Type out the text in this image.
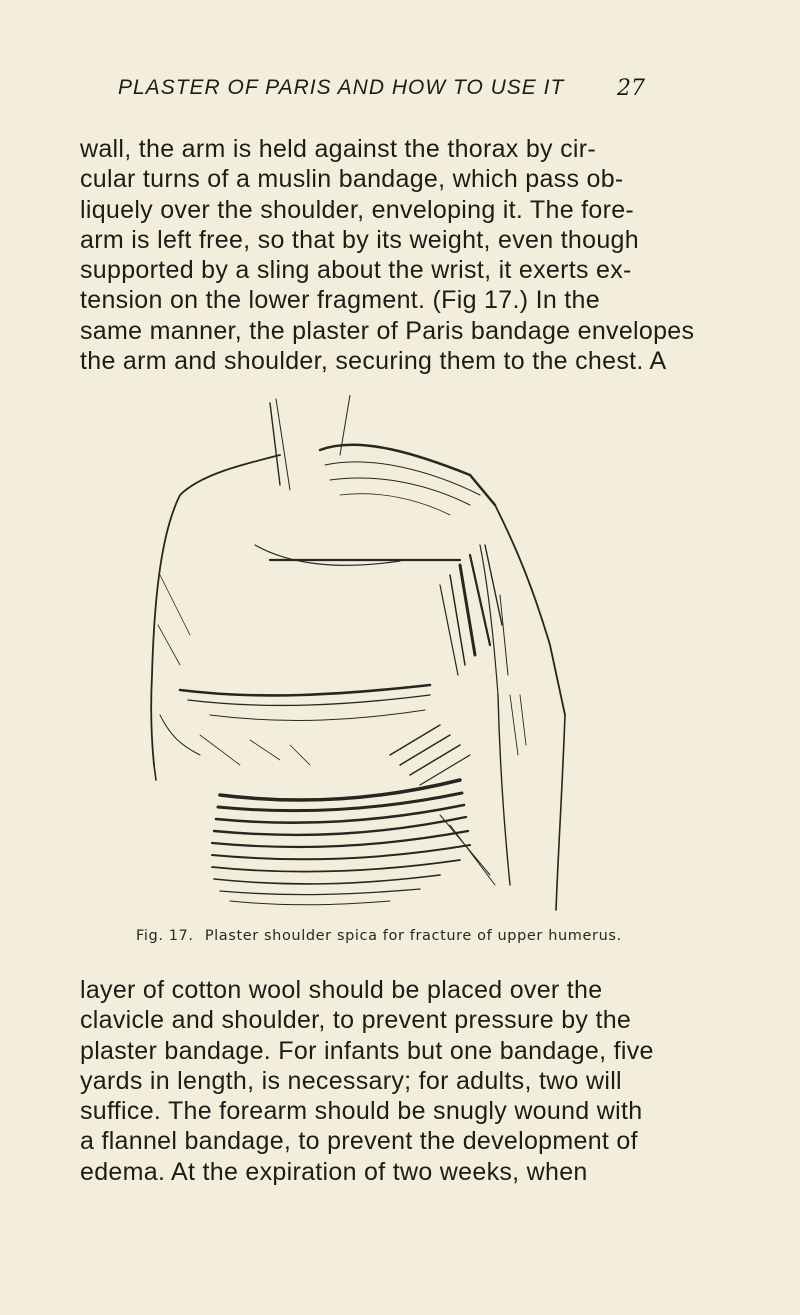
PLASTER OF PARIS AND HOW TO USE IT	27
wall, the arm is held against the thorax by cir-
cular turns of a muslin bandage, which pass ob-
liquely over the shoulder, enveloping it. The fore-
arm is left free, so that by its weight, even though
supported by a sling about the wrist, it exerts ex-
tension on the lower fragment. (Fig 17.) In the
same manner, the plaster of Paris bandage envelopes
the arm and shoulder, securing them to the chest. A
Fig. 17. Plaster shoulder spica for fracture of upper humerus.
layer of cotton wool should be placed over the
clavicle and shoulder, to prevent pressure by the
plaster bandage. For infants but one bandage, five
yards in length, is necessary; for adults, two will
suffice. The forearm should be snugly wound with
a flannel bandage, to prevent the development of
edema. At the expiration of two weeks, when
